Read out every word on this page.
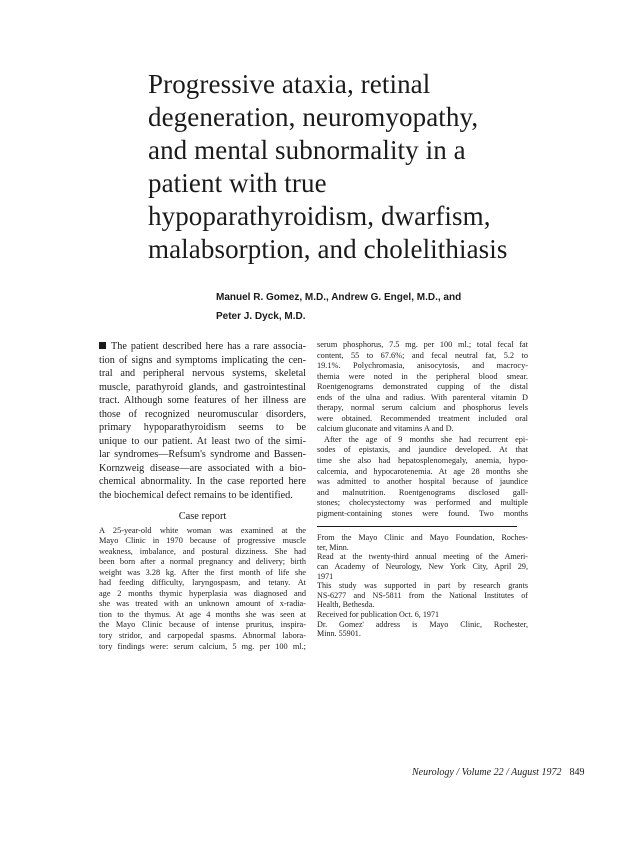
Progressive ataxia, retinal
degeneration, neuromyopathy,
and mental subnormality in a
patient with true
hypoparathyroidism, dwarfism,
malabsorption, and cholelithiasis
Manuel R. Gomez, M.D., Andrew G. Engel, M.D., and
Peter J. Dyck, M.D.
The patient described here has a rare associa-
tion of signs and symptoms implicating the cen-
tral and peripheral nervous systems, skeletal
muscle, parathyroid glands, and gastrointestinal
tract. Although some features of her illness are
those of recognized neuromuscular disorders,
primary hypoparathyroidism seems to be
unique to our patient. At least two of the simi-
lar syndromes—Refsum's syndrome and Bassen-
Kornzweig disease—are associated with a bio-
chemical abnormality. In the case reported here
the biochemical defect remains to be identified.
Case report
A 25-year-old white woman was examined at the
Mayo Clinic in 1970 because of progressive muscle
weakness, imbalance, and postural dizziness. She had
been born after a normal pregnancy and delivery; birth
weight was 3.28 kg. After the first month of life she
had feeding difficulty, laryngospasm, and tetany. At
age 2 months thymic hyperplasia was diagnosed and
she was treated with an unknown amount of x-radia-
tion to the thymus. At age 4 months she was seen at
the Mayo Clinic because of intense pruritus, inspira-
tory stridor, and carpopedal spasms. Abnormal labora-
tory findings were: serum calcium, 5 mg. per 100 ml.;
serum phosphorus, 7.5 mg. per 100 ml.; total fecal fat
content, 55 to 67.6%; and fecal neutral fat, 5.2 to
19.1%. Polychromasia, anisocytosis, and macrocy-
themia were noted in the peripheral blood smear.
Roentgenograms demonstrated cupping of the distal
ends of the ulna and radius. With parenteral vitamin D
therapy, normal serum calcium and phosphorus levels
were obtained. Recommended treatment included oral
calcium gluconate and vitamins A and D.
After the age of 9 months she had recurrent epi-
sodes of epistaxis, and jaundice developed. At that
time she also had hepatosplenomegaly, anemia, hypo-
calcemia, and hypocarotenemia. At age 28 months she
was admitted to another hospital because of jaundice
and malnutrition. Roentgenograms disclosed gall-
stones; cholecystectomy was performed and multiple
pigment-containing stones were found. Two months
From the Mayo Clinic and Mayo Foundation, Roches-
ter, Minn.
Read at the twenty-third annual meeting of the Ameri-
can Academy of Neurology, New York City, April 29,
1971
This study was supported in part by research grants
NS-6277 and NS-5811 from the National Institutes of
Health, Bethesda.
Received for publication Oct. 6, 1971
Dr. Gomez' address is Mayo Clinic, Rochester,
Minn. 55901.
Neurology / Volume 22 / August 1972 849
